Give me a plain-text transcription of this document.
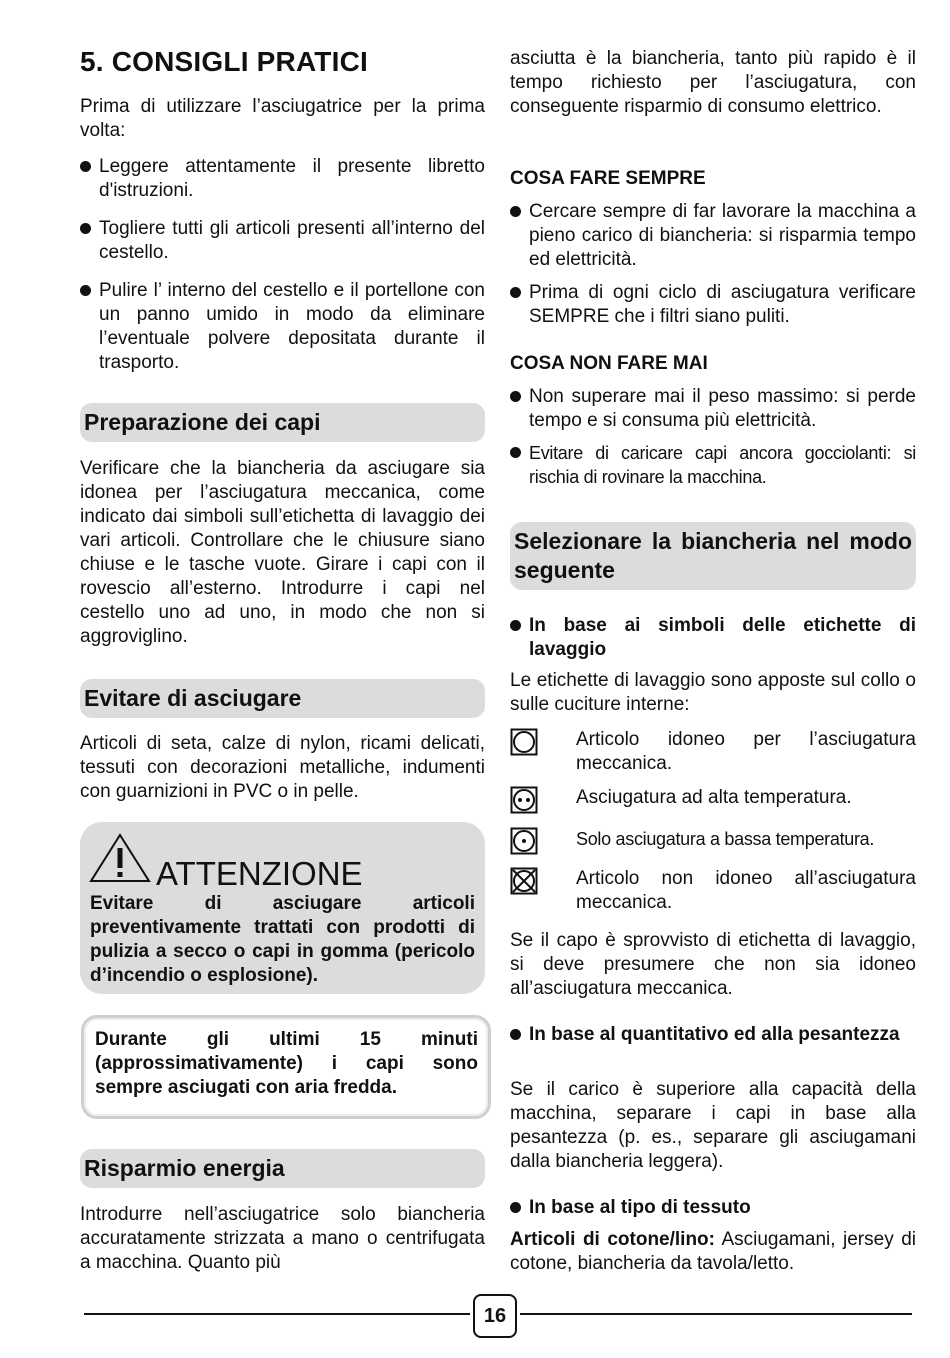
5. CONSIGLI PRATICI

Prima di utilizzare l’asciugatrice per la prima volta:

Leggere attentamente il presente libretto d'istruzioni.
Togliere tutti gli articoli presenti all’interno del cestello.
Pulire l’ interno del cestello e il portellone con un panno umido in modo da eliminare l’eventuale polvere depositata durante il trasporto.
Preparazione dei capi

Verificare che la biancheria da asciugare sia idonea per l’asciugatura meccanica, come indicato dai simboli sull’etichetta di lavaggio dei vari articoli. Controllare che le chiusure siano chiuse e le tasche vuote. Girare i capi con il rovescio all’esterno. Introdurre i capi nel cestello uno ad uno, in modo che non si aggroviglino.

Evitare di asciugare

Articoli di seta, calze di nylon, ricami delicati, tessuti con decorazioni metalliche, indumenti con guarnizioni in PVC o in pelle.

ATTENZIONE
Evitare di asciugare articoli preventivamente trattati con prodotti di pulizia a secco o capi in gomma (pericolo d’incendio o esplosione).
Durante gli ultimi 15 minuti (approssimativamente) i capi sono sempre asciugati con aria fredda.
Risparmio energia

Introdurre nell’asciugatrice solo biancheria accuratamente strizzata a mano o centrifugata a macchina. Quanto più

asciutta è la biancheria, tanto più rapido è il tempo richiesto per l’asciugatura, con conseguente risparmio di consumo elettrico.

COSA FARE SEMPRE
Cercare sempre di far lavorare la macchina a pieno carico di biancheria: si risparmia tempo ed elettricità.
Prima di ogni ciclo di asciugatura verificare SEMPRE che i filtri siano puliti.
COSA NON FARE MAI
Non superare mai il peso massimo: si perde tempo e si consuma più elettricità.
Evitare di caricare capi ancora gocciolanti: si rischia di rovinare la macchina.
Selezionare la biancheria nel modo seguente
In base ai simboli delle etichette di lavaggio

Le etichette di lavaggio sono apposte sul collo o sulle cuciture interne:

Articolo idoneo per l’asciugatura meccanica.
Asciugatura ad alta temperatura.
Solo asciugatura a bassa temperatura.
Articolo non idoneo all’asciugatura meccanica.

Se il capo è sprovvisto di etichetta di lavaggio, si deve presumere che non sia idoneo all’asciugatura meccanica.

In base al quantitativo ed alla pesantezza

Se il carico è superiore alla capacità della macchina, separare i capi in base alla pesantezza (p. es., separare gli asciugamani dalla biancheria leggera).

In base al tipo di tessuto

Articoli di cotone/lino: Asciugamani, jersey di cotone, biancheria da tavola/letto.

16
